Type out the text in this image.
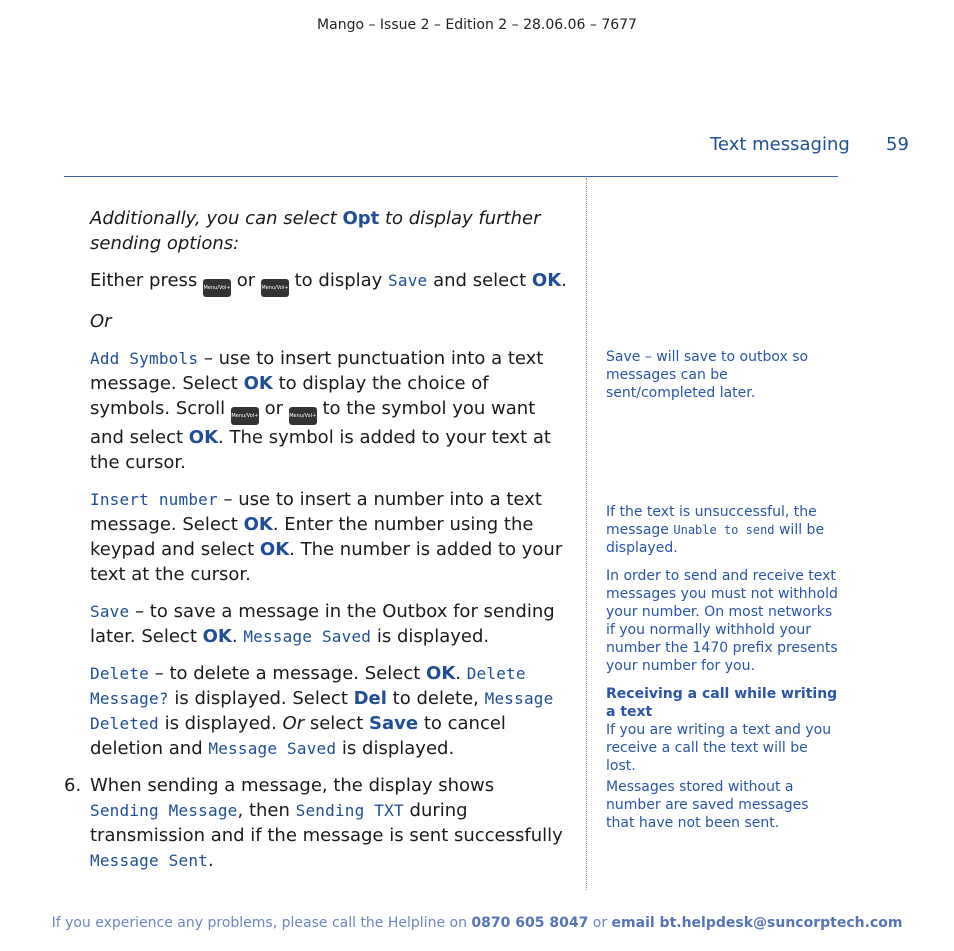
Mango – Issue 2 – Edition 2 – 28.06.06 – 7677
Text messaging 59

Additionally, you can select Opt to display further sending options:

Either press Menu/Vol+ or Menu/Vol+ to display Save and select OK.

Or

Add Symbols – use to insert punctuation into a text message. Select OK to display the choice of symbols. Scroll Menu/Vol+ or Menu/Vol+ to the symbol you want and select OK. The symbol is added to your text at the cursor.

Insert number – use to insert a number into a text message. Select OK. Enter the number using the keypad and select OK. The number is added to your text at the cursor.

Save – to save a message in the Outbox for sending later. Select OK. Message Saved is displayed.

Delete – to delete a message. Select OK. Delete Message? is displayed. Select Del to delete, Message Deleted is displayed. Or select Save to cancel deletion and Message Saved is displayed.

6. When sending a message, the display shows Sending Message, then Sending TXT during transmission and if the message is sent successfully Message Sent.

Save – will save to outbox so messages can be sent/completed later.

If the text is unsuccessful, the message Unable to send will be displayed.

In order to send and receive text messages you must not withhold your number. On most networks if you normally withhold your number the 1470 prefix presents your number for you.

Receiving a call while writing a text

If you are writing a text and you receive a call the text will be lost.

Messages stored without a number are saved messages that have not been sent.

If you experience any problems, please call the Helpline on 0870 605 8047 or email bt.helpdesk@suncorptech.com
